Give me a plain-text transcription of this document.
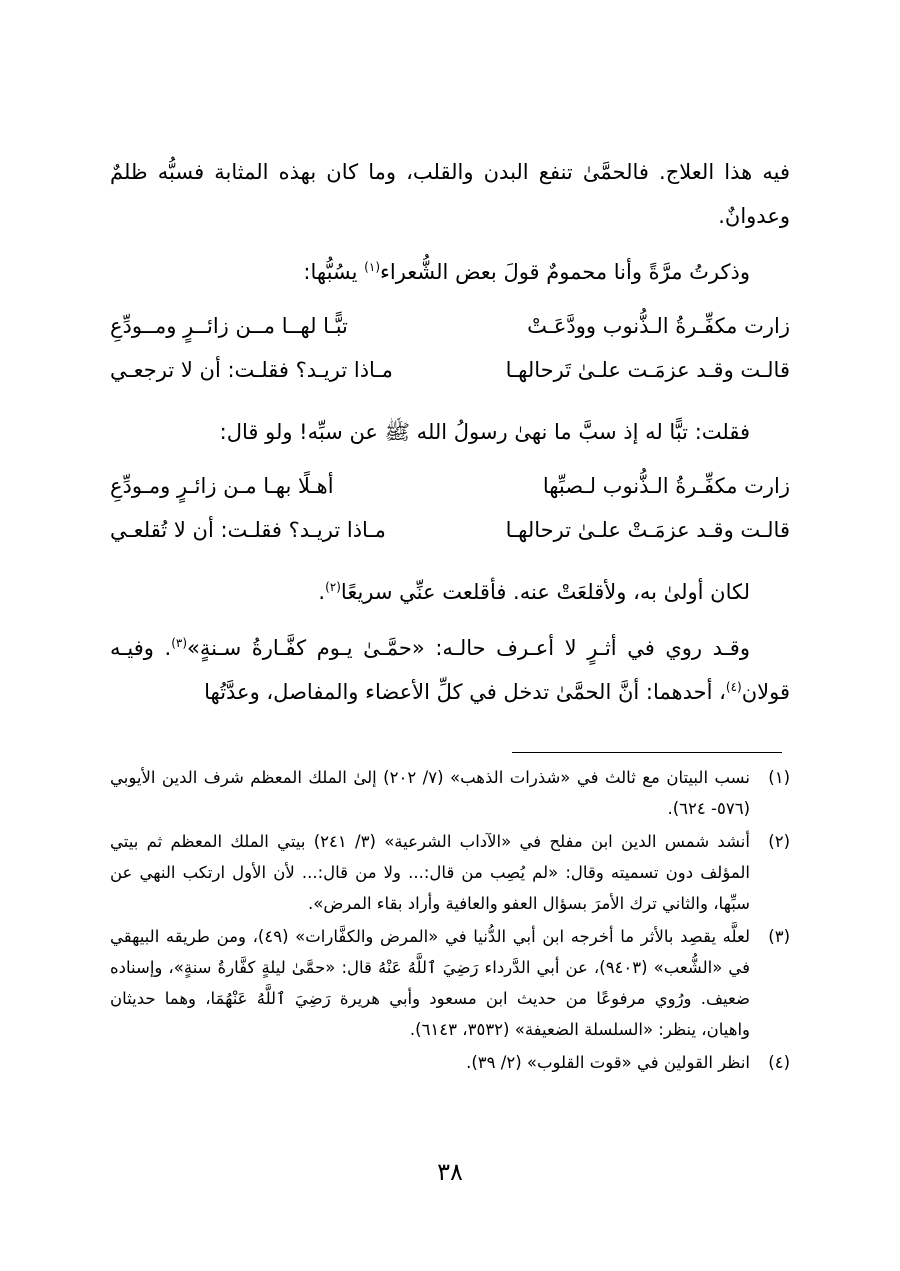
فيه هذا العلاج. فالحمَّىٰ تنفع البدن والقلب، وما كان بهذه المثابة فسبُّه ظلمٌ وعدوانٌ.

وذكرتُ مرَّةً وأنا محمومٌ قولَ بعض الشُّعراء$^{(١)}$ يسُبُّها:

زارت مكفِّـرةُ الـذُّنوب وودَّعَـتْ
تبًّـا لهــا مــن زائــرٍ ومــودِّعِ
قالـت وقـد عزمَـت علـىٰ تَرحالهـا
مـاذا تريـد؟ فقلـت: أن لا ترجعـي

فقلت: تبًّا له إذ سبَّ ما نهىٰ رسولُ الله ﷺ عن سبِّه! ولو قال:

زارت مكفِّـرةُ الـذُّنوب لـصبِّها
أهـلًا بهـا مـن زائـرٍ ومـودِّعِ
قالـت وقـد عزمَـتْ علـىٰ ترحالهـا
مـاذا تريـد؟ فقلـت: أن لا تُقلعـي

لكان أولىٰ به، ولأقلعَتْ عنه. فأقلعت عنِّي سريعًا$^{(٢)}$.

وقـد روي في أثـرٍ لا أعـرف حالـه: «حمَّـىٰ يـوم كفَّـارةُ سـنةٍ»$^{(٣)}$. وفيـه قولان$^{(٤)}$، أحدهما: أنَّ الحمَّىٰ تدخل في كلِّ الأعضاء والمفاصل، وعدَّتُها

(١)
نسب البيتان مع ثالث في «شذرات الذهب» (٧/ ٢٠٢) إلىٰ الملك المعظم شرف الدين الأيوبي (٥٧٦- ٦٢٤).
(٢)
أنشد شمس الدين ابن مفلح في «الآداب الشرعية» (٣/ ٢٤١) بيتي الملك المعظم ثم بيتي المؤلف دون تسميته وقال: «لم يُصِب من قال:... ولا من قال:... لأن الأول ارتكب النهي عن سبِّها، والثاني ترك الأمرَ بسؤال العفو والعافية وأراد بقاء المرض».
(٣)
لعلَّه يقصِد بالأثر ما أخرجه ابن أبي الدُّنيا في «المرض والكفَّارات» (٤٩)، ومن طريقه البيهقي في «الشُّعب» (٩٤٠٣)، عن أبي الدَّرداء رَضِيَ ٱللَّهُ عَنْهُ قال: «حمَّىٰ ليلةٍ كفَّارةُ سنةٍ»، وإسناده ضعيف. ورُوي مرفوعًا من حديث ابن مسعود وأبي هريرة رَضِيَ ٱللَّهُ عَنْهُمَا، وهما حديثان واهيان، ينظر: «السلسلة الضعيفة» (٣٥٣٢، ٦١٤٣).
(٤)
انظر القولين في «قوت القلوب» (٢/ ٣٩).
٣٨
